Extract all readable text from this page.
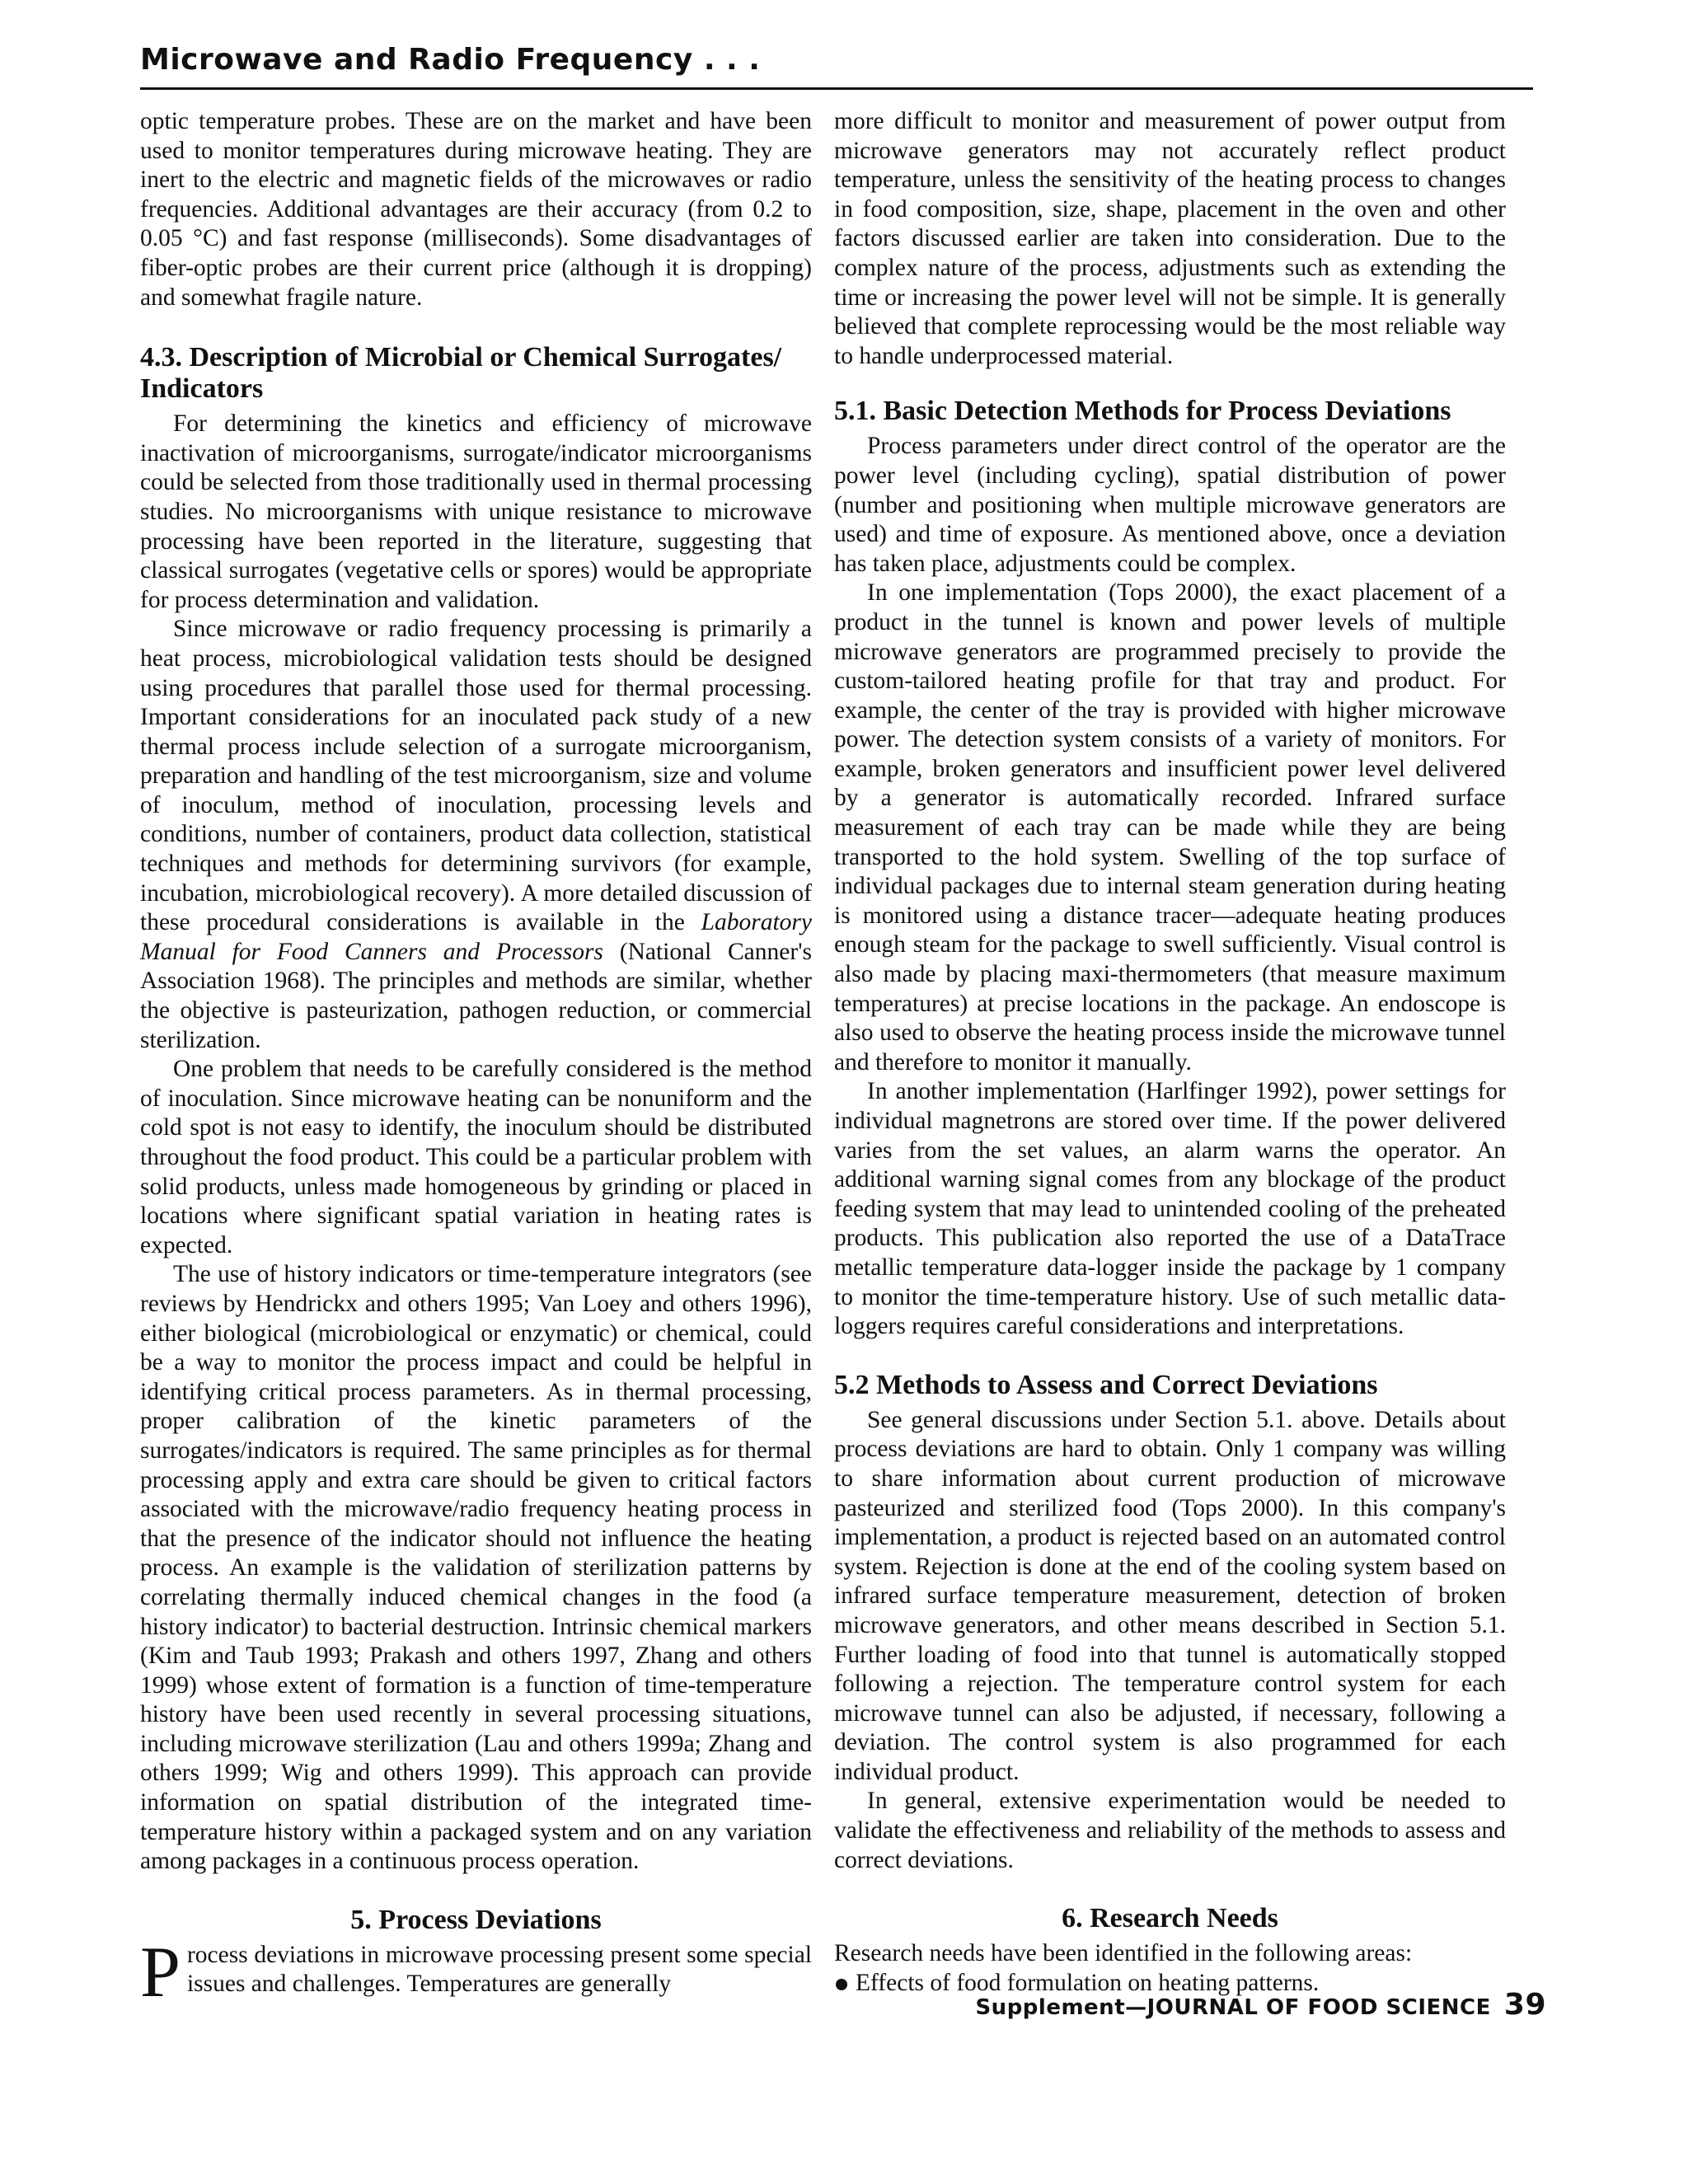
Microwave and Radio Frequency . . .

optic temperature probes. These are on the market and have been used to monitor temperatures during microwave heating. They are inert to the electric and magnetic fields of the microwaves or radio frequencies. Additional advantages are their accuracy (from 0.2 to 0.05 °C) and fast response (milliseconds). Some disadvantages of fiber-optic probes are their current price (although it is dropping) and somewhat fragile nature.

4.3. Description of Microbial or Chemical Surrogates/ Indicators

For determining the kinetics and efficiency of microwave inactivation of microorganisms, surrogate/indicator microorganisms could be selected from those traditionally used in thermal processing studies. No microorganisms with unique resistance to microwave processing have been reported in the literature, suggesting that classical surrogates (vegetative cells or spores) would be appropriate for process determination and validation.

Since microwave or radio frequency processing is primarily a heat process, microbiological validation tests should be designed using procedures that parallel those used for thermal processing. Important considerations for an inoculated pack study of a new thermal process include selection of a surrogate microorganism, preparation and handling of the test microorganism, size and volume of inoculum, method of inoculation, processing levels and conditions, number of containers, product data collection, statistical techniques and methods for determining survivors (for example, incubation, microbiological recovery). A more detailed discussion of these procedural considerations is available in the Laboratory Manual for Food Canners and Processors (National Canner's Association 1968). The principles and methods are similar, whether the objective is pasteurization, pathogen reduction, or commercial sterilization.

One problem that needs to be carefully considered is the method of inoculation. Since microwave heating can be nonuniform and the cold spot is not easy to identify, the inoculum should be distributed throughout the food product. This could be a particular problem with solid products, unless made homogeneous by grinding or placed in locations where significant spatial variation in heating rates is expected.

The use of history indicators or time-temperature integrators (see reviews by Hendrickx and others 1995; Van Loey and others 1996), either biological (microbiological or enzymatic) or chemical, could be a way to monitor the process impact and could be helpful in identifying critical process parameters. As in thermal processing, proper calibration of the kinetic parameters of the surrogates/indicators is required. The same principles as for thermal processing apply and extra care should be given to critical factors associated with the microwave/radio frequency heating process in that the presence of the indicator should not influence the heating process. An example is the validation of sterilization patterns by correlating thermally induced chemical changes in the food (a history indicator) to bacterial destruction. Intrinsic chemical markers (Kim and Taub 1993; Prakash and others 1997, Zhang and others 1999) whose extent of formation is a function of time-temperature history have been used recently in several processing situations, including microwave sterilization (Lau and others 1999a; Zhang and others 1999; Wig and others 1999). This approach can provide information on spatial distribution of the integrated time-temperature history within a packaged system and on any variation among packages in a continuous process operation.

5. Process Deviations

Process deviations in microwave processing present some special issues and challenges. Temperatures are generally

more difficult to monitor and measurement of power output from microwave generators may not accurately reflect product temperature, unless the sensitivity of the heating process to changes in food composition, size, shape, placement in the oven and other factors discussed earlier are taken into consideration. Due to the complex nature of the process, adjustments such as extending the time or increasing the power level will not be simple. It is generally believed that complete reprocessing would be the most reliable way to handle underprocessed material.

5.1. Basic Detection Methods for Process Deviations

Process parameters under direct control of the operator are the power level (including cycling), spatial distribution of power (number and positioning when multiple microwave generators are used) and time of exposure. As mentioned above, once a deviation has taken place, adjustments could be complex.

In one implementation (Tops 2000), the exact placement of a product in the tunnel is known and power levels of multiple microwave generators are programmed precisely to provide the custom-tailored heating profile for that tray and product. For example, the center of the tray is provided with higher microwave power. The detection system consists of a variety of monitors. For example, broken generators and insufficient power level delivered by a generator is automatically recorded. Infrared surface measurement of each tray can be made while they are being transported to the hold system. Swelling of the top surface of individual packages due to internal steam generation during heating is monitored using a distance tracer—adequate heating produces enough steam for the package to swell sufficiently. Visual control is also made by placing maxi-thermometers (that measure maximum temperatures) at precise locations in the package. An endoscope is also used to observe the heating process inside the microwave tunnel and therefore to monitor it manually.

In another implementation (Harlfinger 1992), power settings for individual magnetrons are stored over time. If the power delivered varies from the set values, an alarm warns the operator. An additional warning signal comes from any blockage of the product feeding system that may lead to unintended cooling of the preheated products. This publication also reported the use of a DataTrace metallic temperature data-logger inside the package by 1 company to monitor the time-temperature history. Use of such metallic data-loggers requires careful considerations and interpretations.

5.2 Methods to Assess and Correct Deviations

See general discussions under Section 5.1. above. Details about process deviations are hard to obtain. Only 1 company was willing to share information about current production of microwave pasteurized and sterilized food (Tops 2000). In this company's implementation, a product is rejected based on an automated control system. Rejection is done at the end of the cooling system based on infrared surface temperature measurement, detection of broken microwave generators, and other means described in Section 5.1. Further loading of food into that tunnel is automatically stopped following a rejection. The temperature control system for each microwave tunnel can also be adjusted, if necessary, following a deviation. The control system is also programmed for each individual product.

In general, extensive experimentation would be needed to validate the effectiveness and reliability of the methods to assess and correct deviations.

6. Research Needs

Research needs have been identified in the following areas:

Effects of food formulation on heating patterns.
Supplement—JOURNAL OF FOOD SCIENCE 39
